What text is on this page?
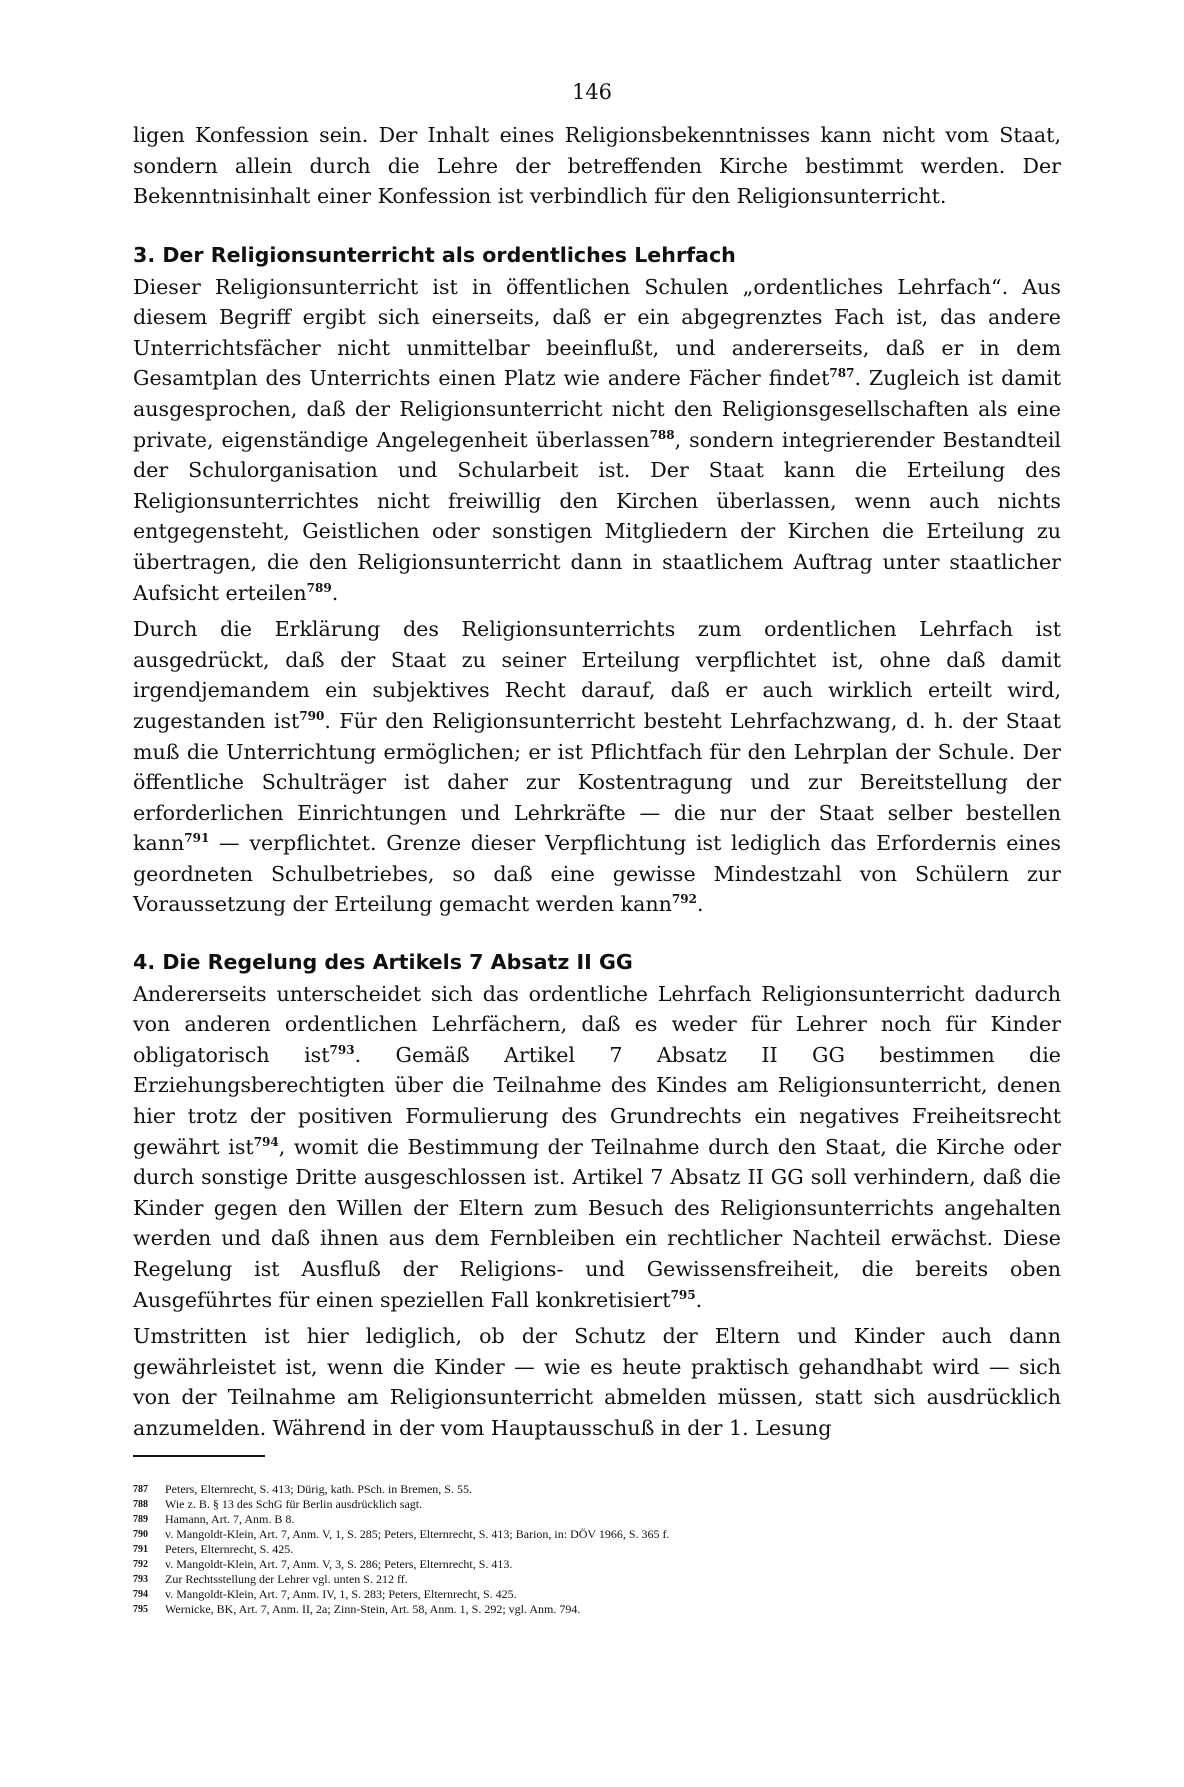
146

ligen Konfession sein. Der Inhalt eines Religionsbekenntnisses kann nicht vom Staat, sondern allein durch die Lehre der betreffenden Kirche bestimmt werden. Der Bekenntnisinhalt einer Konfession ist verbindlich für den Religionsunterricht.

3. Der Religionsunterricht als ordentliches Lehrfach

Dieser Religionsunterricht ist in öffentlichen Schulen „ordentliches Lehrfach“. Aus diesem Begriff ergibt sich einerseits, daß er ein abgegrenztes Fach ist, das andere Unterrichtsfächer nicht unmittelbar beeinflußt, und andererseits, daß er in dem Gesamtplan des Unterrichts einen Platz wie andere Fächer findet$^{787}$. Zugleich ist damit ausgesprochen, daß der Religionsunterricht nicht den Religionsgesellschaften als eine private, eigenständige Angelegenheit überlassen$^{788}$, sondern integrierender Bestandteil der Schulorganisation und Schularbeit ist. Der Staat kann die Erteilung des Religionsunterrichtes nicht freiwillig den Kirchen überlassen, wenn auch nichts entgegensteht, Geistlichen oder sonstigen Mitgliedern der Kirchen die Erteilung zu übertragen, die den Religionsunterricht dann in staatlichem Auftrag unter staatlicher Aufsicht erteilen$^{789}$.

Durch die Erklärung des Religionsunterrichts zum ordentlichen Lehrfach ist ausgedrückt, daß der Staat zu seiner Erteilung verpflichtet ist, ohne daß damit irgendjemandem ein subjektives Recht darauf, daß er auch wirklich erteilt wird, zugestanden ist$^{790}$. Für den Religionsunterricht besteht Lehrfachzwang, d. h. der Staat muß die Unterrichtung ermöglichen; er ist Pflichtfach für den Lehrplan der Schule. Der öffentliche Schulträger ist daher zur Kostentragung und zur Bereitstellung der erforderlichen Einrichtungen und Lehrkräfte — die nur der Staat selber bestellen kann$^{791}$ — verpflichtet. Grenze dieser Verpflichtung ist lediglich das Erfordernis eines geordneten Schulbetriebes, so daß eine gewisse Mindestzahl von Schülern zur Voraussetzung der Erteilung gemacht werden kann$^{792}$.

4. Die Regelung des Artikels 7 Absatz II GG

Andererseits unterscheidet sich das ordentliche Lehrfach Religionsunterricht dadurch von anderen ordentlichen Lehrfächern, daß es weder für Lehrer noch für Kinder obligatorisch ist$^{793}$. Gemäß Artikel 7 Absatz II GG bestimmen die Erziehungsberechtigten über die Teilnahme des Kindes am Religionsunterricht, denen hier trotz der positiven Formulierung des Grundrechts ein negatives Freiheitsrecht gewährt ist$^{794}$, womit die Bestimmung der Teilnahme durch den Staat, die Kirche oder durch sonstige Dritte ausgeschlossen ist. Artikel 7 Absatz II GG soll verhindern, daß die Kinder gegen den Willen der Eltern zum Besuch des Religionsunterrichts angehalten werden und daß ihnen aus dem Fernbleiben ein rechtlicher Nachteil erwächst. Diese Regelung ist Ausfluß der Religions- und Gewissensfreiheit, die bereits oben Ausgeführtes für einen speziellen Fall konkretisiert$^{795}$.

Umstritten ist hier lediglich, ob der Schutz der Eltern und Kinder auch dann gewährleistet ist, wenn die Kinder — wie es heute praktisch gehandhabt wird — sich von der Teilnahme am Religionsunterricht abmelden müssen, statt sich ausdrücklich anzumelden. Während in der vom Hauptausschuß in der 1. Lesung

787 Peters, Elternrecht, S. 413; Dürig, kath. PSch. in Bremen, S. 55.
788 Wie z. B. § 13 des SchG für Berlin ausdrücklich sagt.
789 Hamann, Art. 7, Anm. B 8.
790 v. Mangoldt-Klein, Art. 7, Anm. V, 1, S. 285; Peters, Elternrecht, S. 413; Barion, in: DÖV 1966, S. 365 f.
791 Peters, Elternrecht, S. 425.
792 v. Mangoldt-Klein, Art. 7, Anm. V, 3, S. 286; Peters, Elternrecht, S. 413.
793 Zur Rechtsstellung der Lehrer vgl. unten S. 212 ff.
794 v. Mangoldt-Klein, Art. 7, Anm. IV, 1, S. 283; Peters, Elternrecht, S. 425.
795 Wernicke, BK, Art. 7, Anm. II, 2a; Zinn-Stein, Art. 58, Anm. 1, S. 292; vgl. Anm. 794.
